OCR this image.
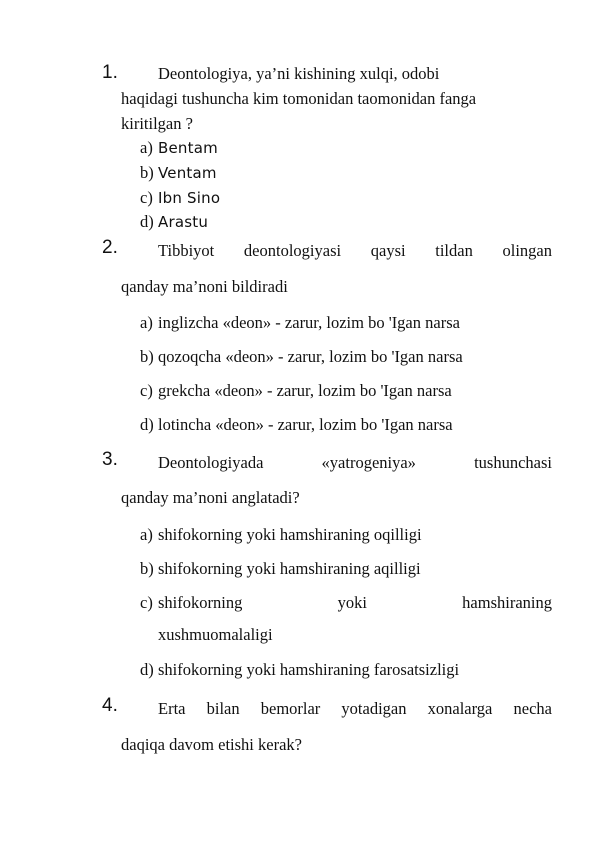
1. Deontologiya, ya’ni kishining xulqi, odobi
haqidagi tushuncha kim tomonidan taomonidan fanga
kiritilgan ?
a) Bentam
b) Ventam
c) Ibn Sino
d) Arastu
2. Tibbiyot deontologiyasi qaysi tildan olingan
qanday ma’noni bildiradi
a) inglizcha «deon» - zarur, lozim bo 'Igan narsa
b) qozoqcha «deon» - zarur, lozim bo 'Igan narsa
c) grekcha «deon» - zarur, lozim bo 'Igan narsa
d) lotincha «deon» - zarur, lozim bo 'Igan narsa
3. Deontologiyada «yatrogeniya» tushunchasi
qanday ma’noni anglatadi?
a) shifokorning yoki hamshiraning oqilligi
b) shifokorning yoki hamshiraning aqilligi
c) shifokorning yoki hamshiraning
xushmuomalaligi
d) shifokorning yoki hamshiraning farosatsizligi
4. Erta bilan bemorlar yotadigan xonalarga necha
daqiqa davom etishi kerak?
